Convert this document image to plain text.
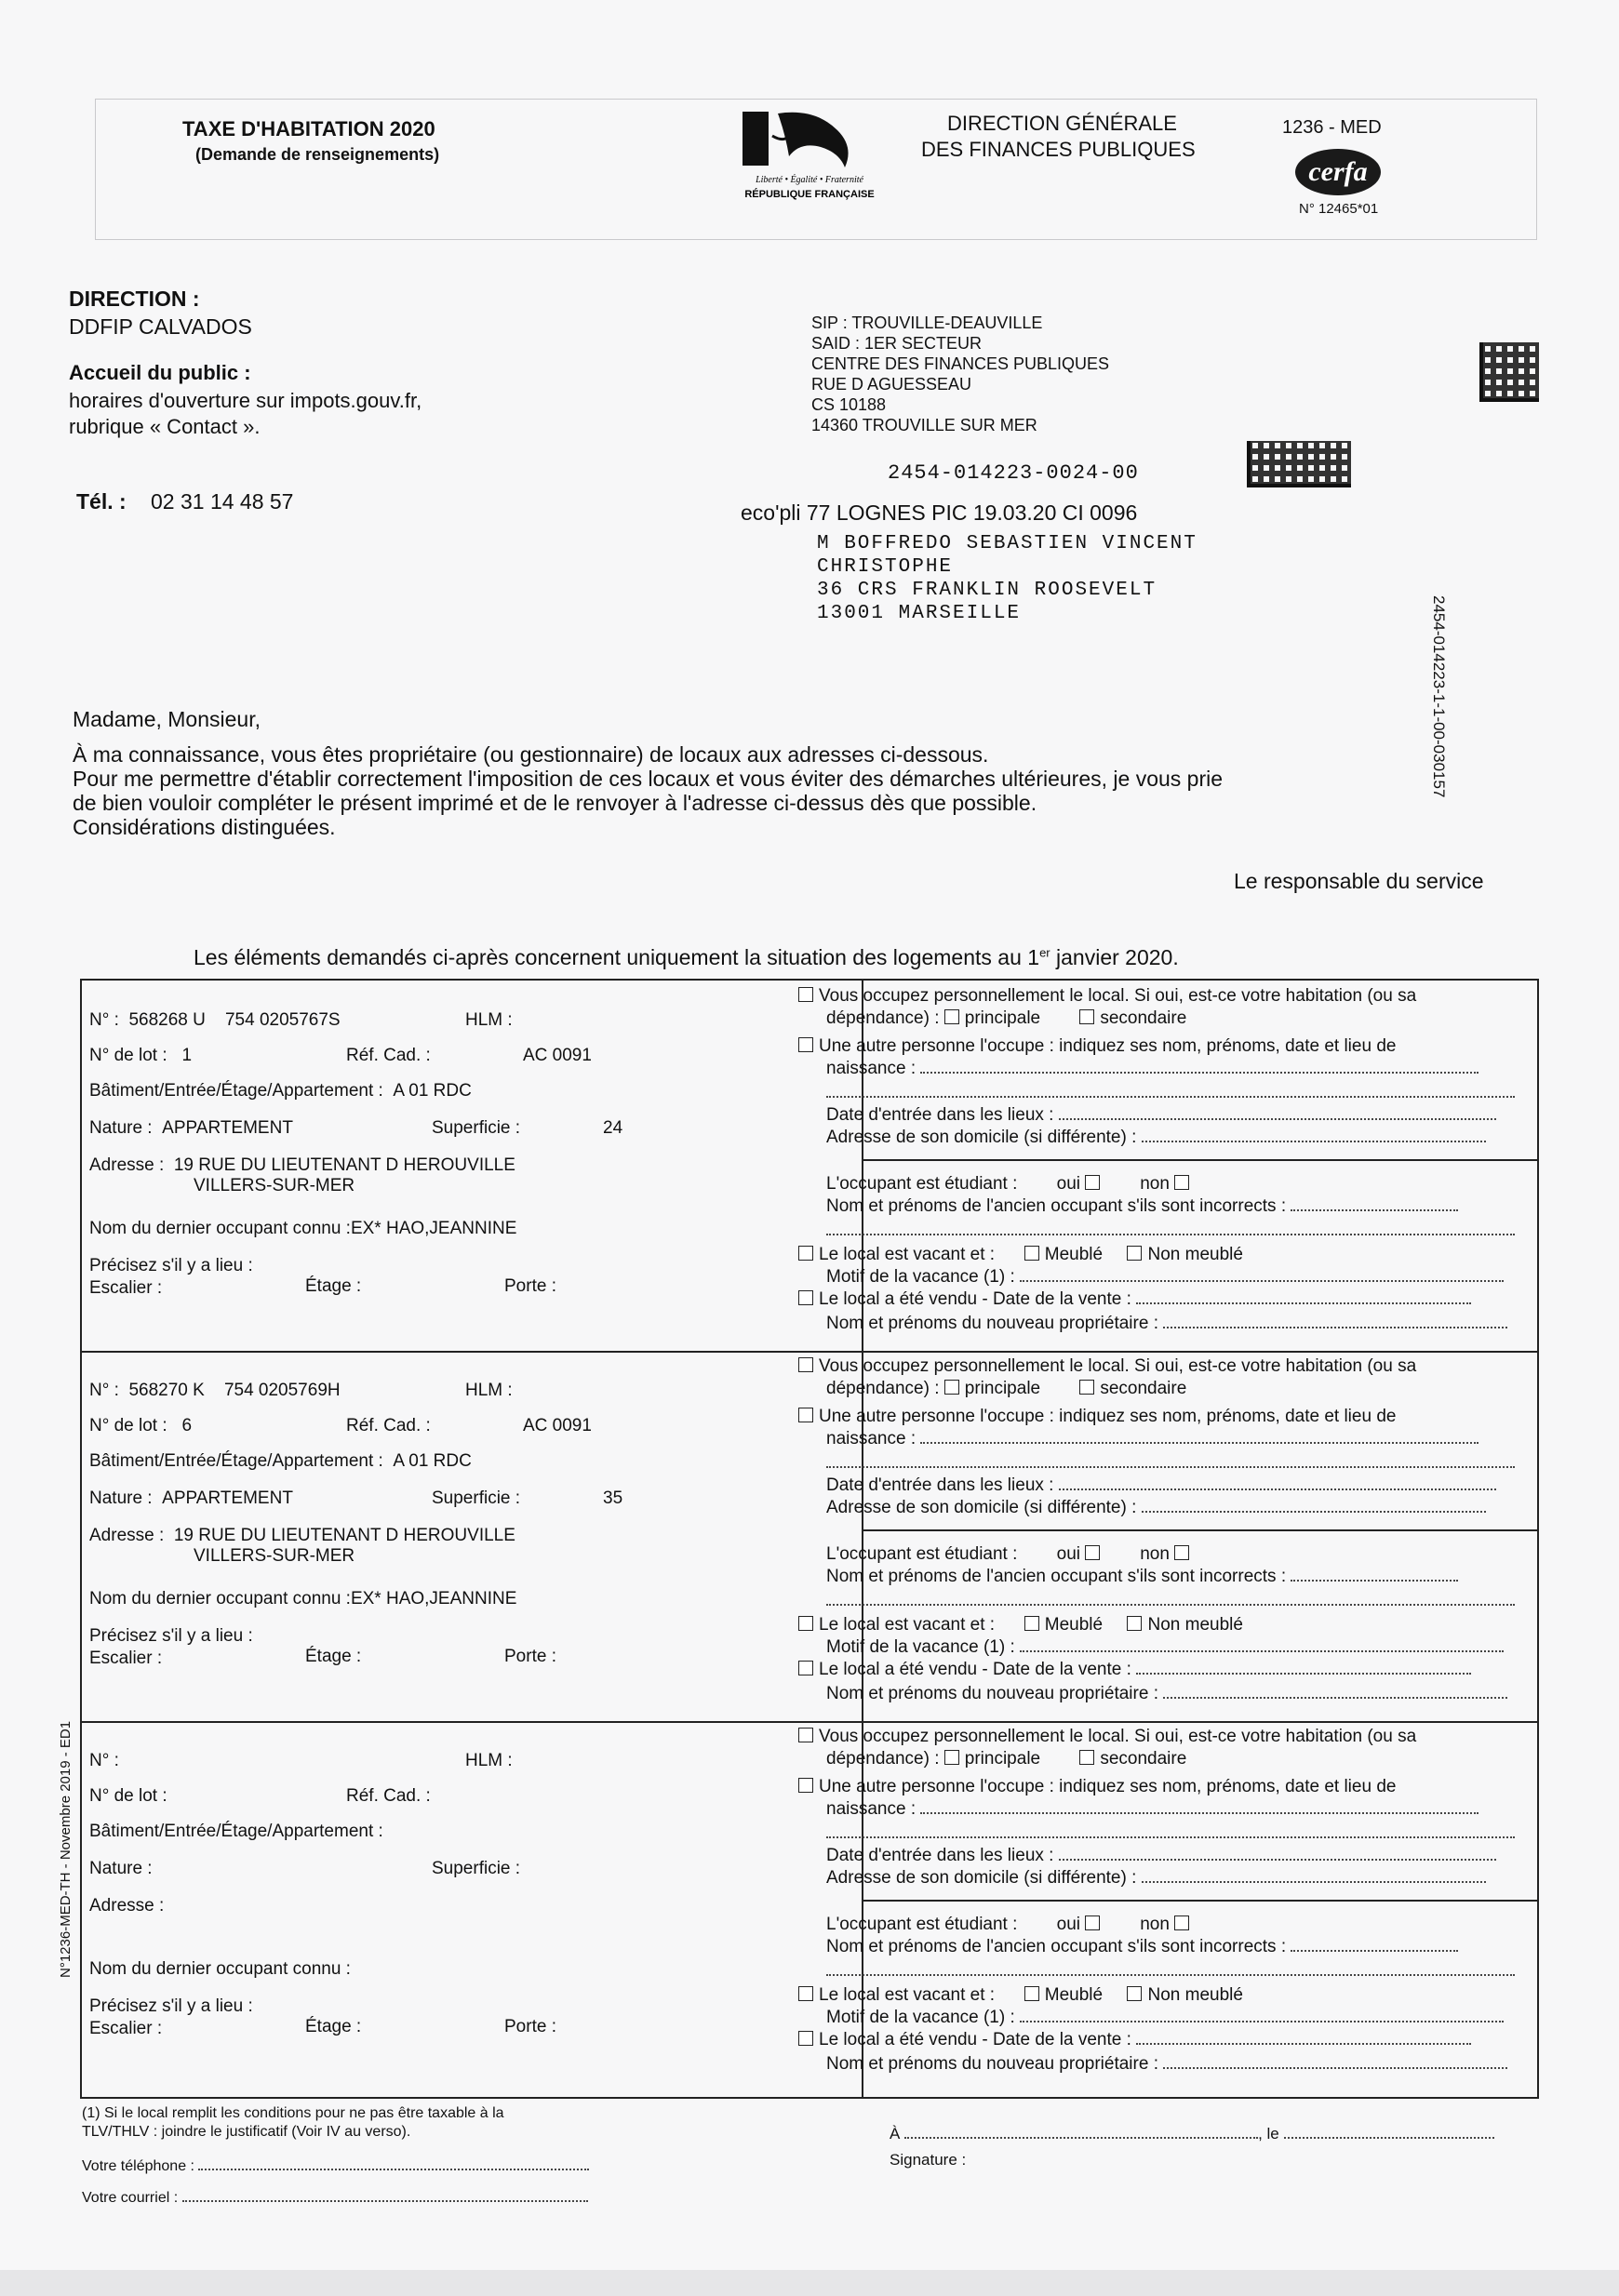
TAXE D'HABITATION 2020
(Demande de renseignements)
Liberté • Égalité • Fraternité
RÉPUBLIQUE FRANÇAISE
DIRECTION GÉNÉRALE
DES FINANCES PUBLIQUES
1236 - MED
cerfa
N° 12465*01
DIRECTION :
DDFIP CALVADOS
Accueil du public :
horaires d'ouverture sur impots.gouv.fr,
rubrique « Contact ».
Tél. : 02 31 14 48 57
SIP : TROUVILLE-DEAUVILLE
SAID : 1ER SECTEUR
CENTRE DES FINANCES PUBLIQUES
RUE D AGUESSEAU
CS 10188
14360 TROUVILLE SUR MER
2454-014223-0024-00
eco'pli 77 LOGNES PIC 19.03.20 CI 0096
2454-014223-1-1-00-030157
M BOFFREDO SEBASTIEN VINCENT
CHRISTOPHE
36 CRS FRANKLIN ROOSEVELT
13001 MARSEILLE
Madame, Monsieur,
À ma connaissance, vous êtes propriétaire (ou gestionnaire) de locaux aux adresses ci-dessous.
Pour me permettre d'établir correctement l'imposition de ces locaux et vous éviter des démarches ultérieures, je vous prie
de bien vouloir compléter le présent imprimé et de le renvoyer à l'adresse ci-dessus dès que possible.
Considérations distinguées.
Le responsable du service
Les éléments demandés ci-après concernent uniquement la situation des logements au 1er janvier 2020.
N° : 568268 U 754 0205767S	HLM :
N° de lot : 1	Réf. Cad. :	AC 0091
Bâtiment/Entrée/Étage/Appartement : A 01 RDC
Nature : APPARTEMENT	Superficie :	24
Adresse : 19 RUE DU LIEUTENANT D HEROUVILLE
VILLERS-SUR-MER
Nom du dernier occupant connu :EX* HAO,JEANNINE
Précisez s'il y a lieu :
Escalier :	Étage :	Porte :
N° : 568270 K 754 0205769H	HLM :
N° de lot : 6	Réf. Cad. :	AC 0091
Bâtiment/Entrée/Étage/Appartement : A 01 RDC
Nature : APPARTEMENT	Superficie :	35
Adresse : 19 RUE DU LIEUTENANT D HEROUVILLE
VILLERS-SUR-MER
Nom du dernier occupant connu :EX* HAO,JEANNINE
Précisez s'il y a lieu :
Escalier :	Étage :	Porte :
N° :	HLM :
N° de lot :	Réf. Cad. :
Bâtiment/Entrée/Étage/Appartement :
Nature :	Superficie :
Adresse :
Nom du dernier occupant connu :
Précisez s'il y a lieu :
Escalier :	Étage :	Porte :
Vous occupez personnellement le local. Si oui, est-ce votre habitation (ou sa
dépendance) : principale	secondaire
Une autre personne l'occupe : indiquez ses nom, prénoms, date et lieu de
naissance :
Date d'entrée dans les lieux :
Adresse de son domicile (si différente) :
L'occupant est étudiant : oui	non
Nom et prénoms de l'ancien occupant s'ils sont incorrects :
Le local est vacant et :	Meublé	Non meublé
Motif de la vacance (1) :
Le local a été vendu - Date de la vente :
Nom et prénoms du nouveau propriétaire :
Vous occupez personnellement le local. Si oui, est-ce votre habitation (ou sa
dépendance) : principale	secondaire
Une autre personne l'occupe : indiquez ses nom, prénoms, date et lieu de
naissance :
Date d'entrée dans les lieux :
Adresse de son domicile (si différente) :
L'occupant est étudiant : oui	non
Nom et prénoms de l'ancien occupant s'ils sont incorrects :
Le local est vacant et :	Meublé	Non meublé
Motif de la vacance (1) :
Le local a été vendu - Date de la vente :
Nom et prénoms du nouveau propriétaire :
Vous occupez personnellement le local. Si oui, est-ce votre habitation (ou sa
dépendance) : principale	secondaire
Une autre personne l'occupe : indiquez ses nom, prénoms, date et lieu de
naissance :
Date d'entrée dans les lieux :
Adresse de son domicile (si différente) :
L'occupant est étudiant : oui	non
Nom et prénoms de l'ancien occupant s'ils sont incorrects :
Le local est vacant et :	Meublé	Non meublé
Motif de la vacance (1) :
Le local a été vendu - Date de la vente :
Nom et prénoms du nouveau propriétaire :
(1) Si le local remplit les conditions pour ne pas être taxable à la
TLV/THLV : joindre le justificatif (Voir IV au verso).
Votre téléphone :
Votre courriel :
À	, le
Signature :
N°1236-MED-TH - Novembre 2019 - ED1
